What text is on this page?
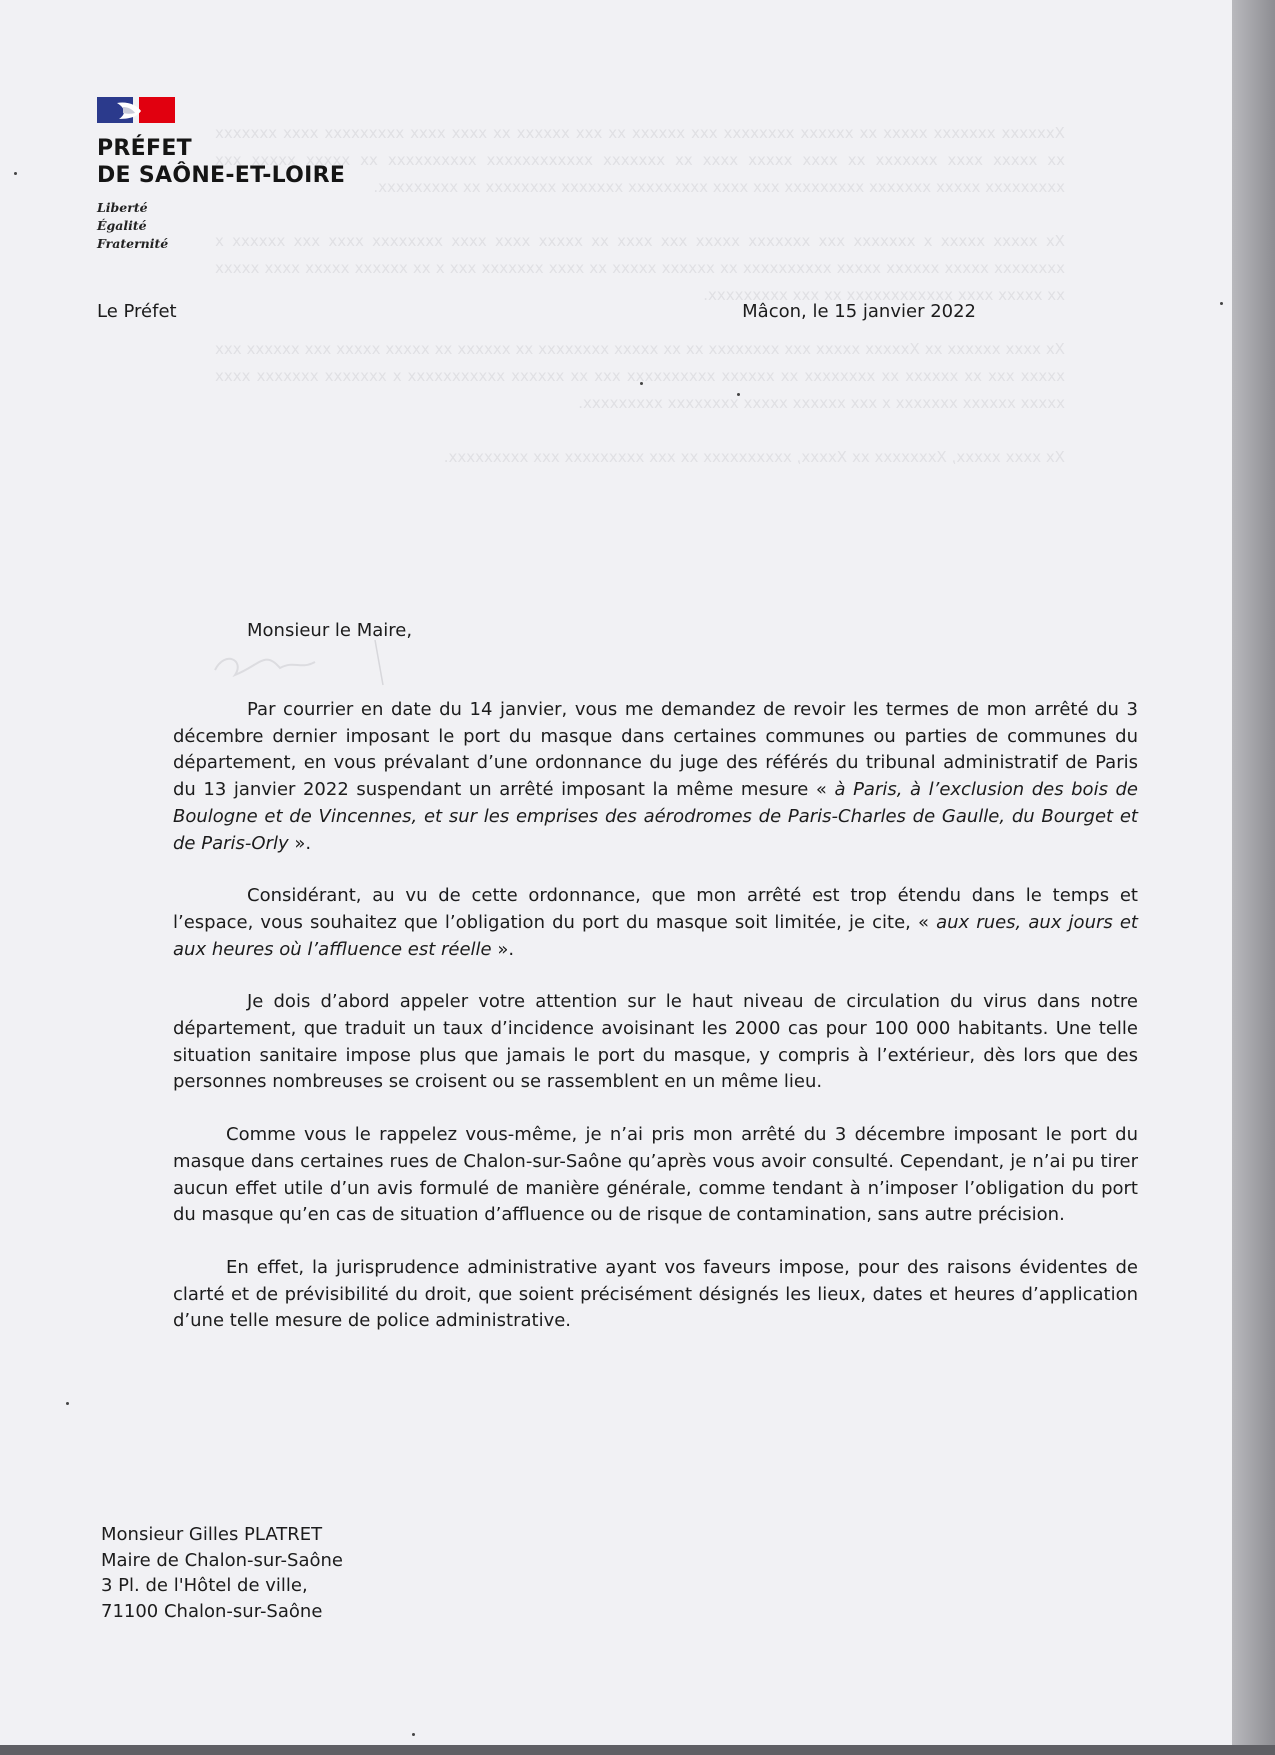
Xxxxxxx xxxxxxx xxxxx xx xxxxxx xxxxxxxx xxx xxxxxx xx xxx xxxxxx xx xxxx xxxx xxxxxxxxx xxxx xxxxxxx xx xxxxx xxxx xxxxxxx xx xxxx xxxxx xxxx xx xxxxxxx xxxxxxxxxxxx xxxxxxxxxx xx xxxxx xxxxx xxx xxxxxxxxx xxxxx xxxxxxx xxxxxxxxx xxx xxxx xxxxxxxxx xxxxxxx xxxxxxxx xx xxxxxxxxx.

Xx xxxxx xxxxx x xxxxxxx xxx xxxxxxx xxxxx xxx xxxx xx xxxxx xxxx xxxx xxxxxxxx xxxx xxx xxxxxx x xxxxxxxx xxxxx xxxxxx xxxxx xxxxxxxxxx xx xxxxxx xxxxx xx xxxx xxxxxxx xxx x xx xxxxxx xxxxx xxxx xxxxx xx xxxxx xxxx xxxxxxxxxxxx xx xxx xxxxxxxxx.

Xx xxxx xxxxxx xx Xxxxxx xxxxx xxx xxxxxxxx xx xx xxxxx xxxxxxxx xx xxxxxx xx xxxxx xxxxx xxx xxxxxx xxx xxxxx xxx xx xxxxxx xx xxxxxxxx xx xxxxxx xxxxxxxxxx xxx xx xxxxxx xxxxxxxxxxx x xxxxxxx xxxxxxx xxxx xxxxx xxxxxx xxxxxxx x xxx xxxxxx xxxxx xxxxxxxx xxxxxxxxx.

Xx xxxx xxxxx, Xxxxxxxx xx Xxxxx, xxxxxxxxxx xx xxx xxxxxxxxx xxx xxxxxxxxx.
PRÉFET
DE SAÔNE-ET-LOIRE
Liberté
Égalité
Fraternité
Le Préfet	Mâcon, le 15 janvier 2022
Monsieur le Maire,

Par courrier en date du 14 janvier, vous me demandez de revoir les termes de mon arrêté du 3 décembre dernier imposant le port du masque dans certaines communes ou parties de communes du département, en vous prévalant d’une ordonnance du juge des référés du tribunal administratif de Paris du 13 janvier 2022 suspendant un arrêté imposant la même mesure « à Paris, à l’exclusion des bois de Boulogne et de Vincennes, et sur les emprises des aérodromes de Paris-Charles de Gaulle, du Bourget et de Paris-Orly ».

Considérant, au vu de cette ordonnance, que mon arrêté est trop étendu dans le temps et l’espace, vous souhaitez que l’obligation du port du masque soit limitée, je cite, « aux rues, aux jours et aux heures où l’affluence est réelle ».

Je dois d’abord appeler votre attention sur le haut niveau de circulation du virus dans notre département, que traduit un taux d’incidence avoisinant les 2000 cas pour 100 000 habitants. Une telle situation sanitaire impose plus que jamais le port du masque, y compris à l’extérieur, dès lors que des personnes nombreuses se croisent ou se rassemblent en un même lieu.

Comme vous le rappelez vous-même, je n’ai pris mon arrêté du 3 décembre imposant le port du masque dans certaines rues de Chalon-sur-Saône qu’après vous avoir consulté. Cependant, je n’ai pu tirer aucun effet utile d’un avis formulé de manière générale, comme tendant à n’imposer l’obligation du port du masque qu’en cas de situation d’affluence ou de risque de contamination, sans autre précision.

En effet, la jurisprudence administrative ayant vos faveurs impose, pour des raisons évidentes de clarté et de prévisibilité du droit, que soient précisément désignés les lieux, dates et heures d’application d’une telle mesure de police administrative.

Monsieur Gilles PLATRET
Maire de Chalon-sur-Saône
3 Pl. de l'Hôtel de ville,
71100 Chalon-sur-Saône
